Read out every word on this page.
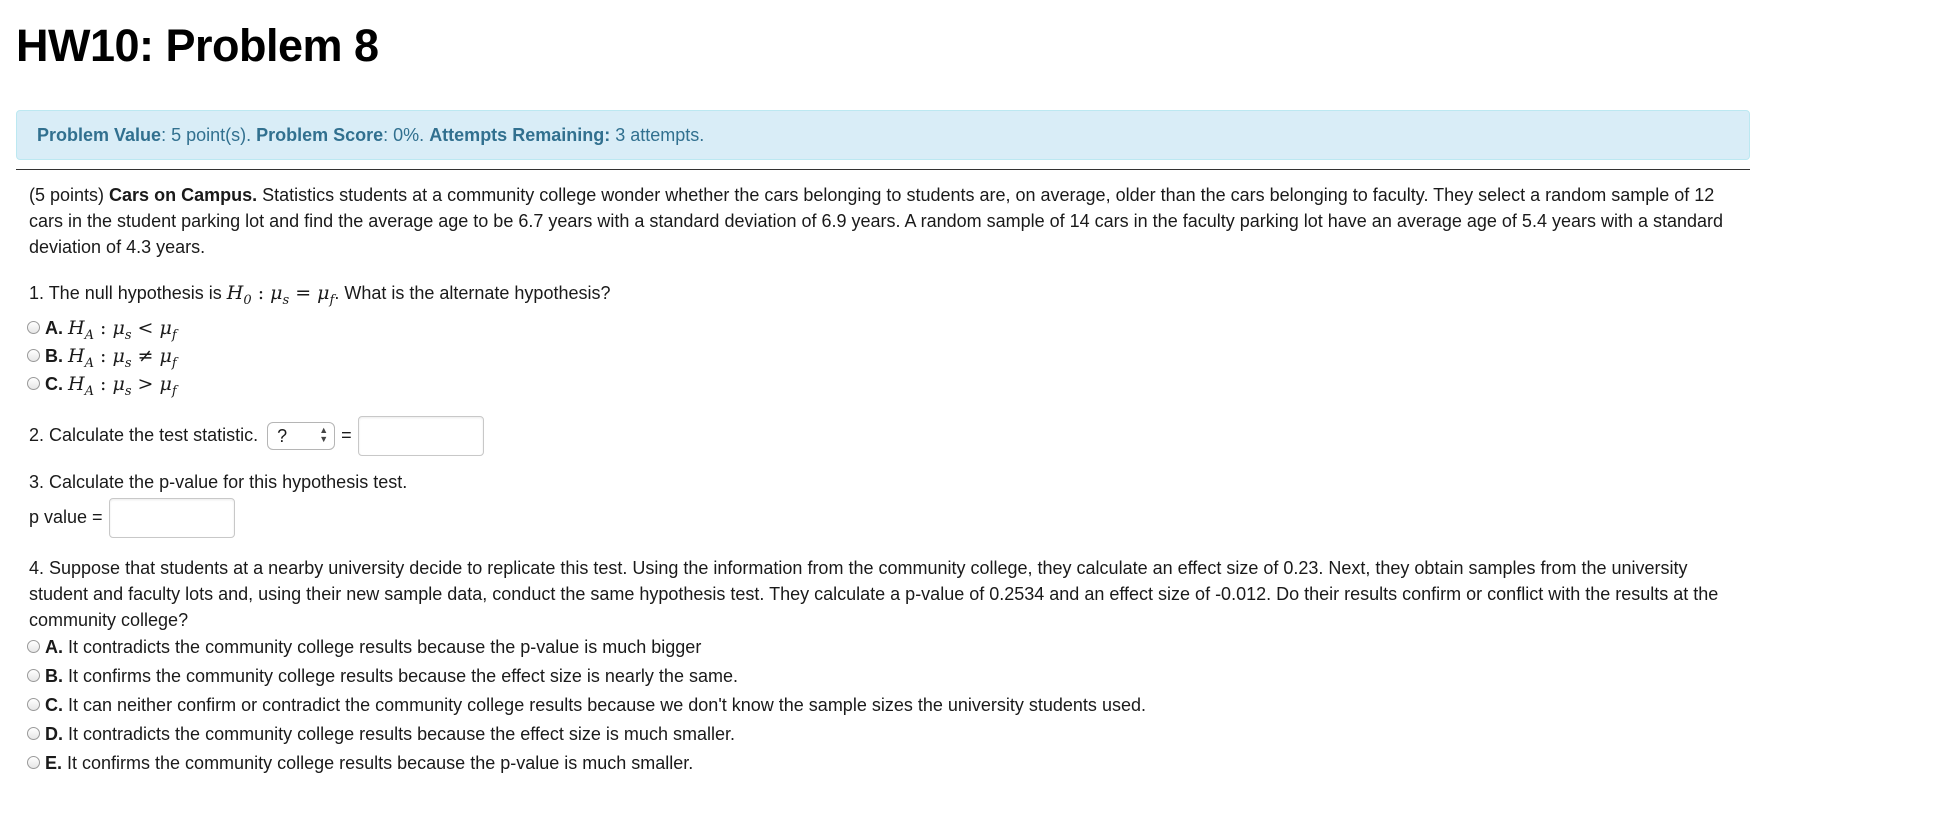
HW10: Problem 8
Problem Value: 5 point(s). Problem Score: 0%. Attempts Remaining: 3 attempts.

(5 points) Cars on Campus. Statistics students at a community college wonder whether the cars belonging to students are, on average, older than the cars belonging to faculty. They select a random sample of 12 cars in the student parking lot and find the average age to be 6.7 years with a standard deviation of 6.9 years. A random sample of 14 cars in the faculty parking lot have an average age of 5.4 years with a standard deviation of 4.3 years.

1. The null hypothesis is $H_0$ : $\mu_s = \mu_f$. What is the alternate hypothesis?
A. $H_A$ : $\mu_s < \mu_f$
B. $H_A$ : $\mu_s \ne \mu_f$
C. $H_A$ : $\mu_s > \mu_f$
2. Calculate the test statistic. ?	▲
▼ =
3. Calculate the p-value for this hypothesis test.
p value =

4. Suppose that students at a nearby university decide to replicate this test. Using the information from the community college, they calculate an effect size of 0.23. Next, they obtain samples from the university student and faculty lots and, using their new sample data, conduct the same hypothesis test. They calculate a p-value of 0.2534 and an effect size of -0.012. Do their results confirm or conflict with the results at the community college?

A. It contradicts the community college results because the p-value is much bigger
B. It confirms the community college results because the effect size is nearly the same.
C. It can neither confirm or contradict the community college results because we don't know the sample sizes the university students used.
D. It contradicts the community college results because the effect size is much smaller.
E. It confirms the community college results because the p-value is much smaller.
